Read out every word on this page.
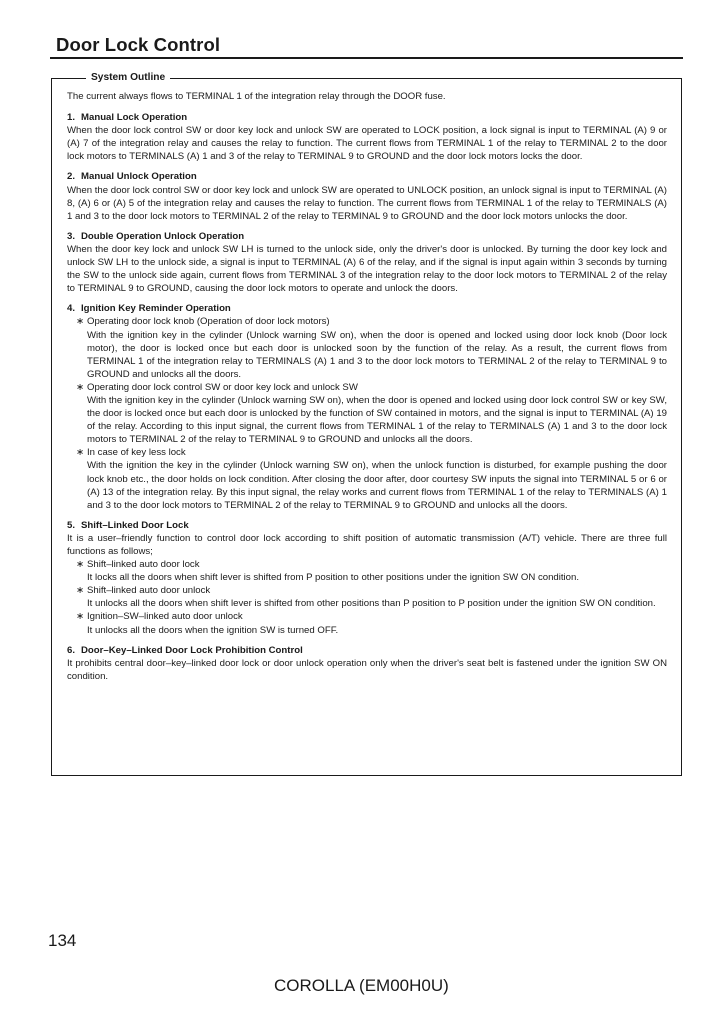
Door Lock Control
System Outline

The current always flows to TERMINAL 1 of the integration relay through the DOOR fuse.

1. Manual Lock Operation

When the door lock control SW or door key lock and unlock SW are operated to LOCK position, a lock signal is input to TERMINAL (A) 9 or (A) 7 of the integration relay and causes the relay to function. The current flows from TERMINAL 1 of the relay to TERMINAL 2 to the door lock motors to TERMINALS (A) 1 and 3 of the relay to TERMINAL 9 to GROUND and the door lock motors locks the door.

2. Manual Unlock Operation

When the door lock control SW or door key lock and unlock SW are operated to UNLOCK position, an unlock signal is input to TERMINAL (A) 8, (A) 6 or (A) 5 of the integration relay and causes the relay to function. The current flows from TERMINAL 1 of the relay to TERMINALS (A) 1 and 3 to the door lock motors to TERMINAL 2 of the relay to TERMINAL 9 to GROUND and the door lock motors unlocks the door.

3. Double Operation Unlock Operation

When the door key lock and unlock SW LH is turned to the unlock side, only the driver's door is unlocked. By turning the door key lock and unlock SW LH to the unlock side, a signal is input to TERMINAL (A) 6 of the relay, and if the signal is input again within 3 seconds by turning the SW to the unlock side again, current flows from TERMINAL 3 of the integration relay to the door lock motors to TERMINAL 2 of the relay to TERMINAL 9 to GROUND, causing the door lock motors to operate and unlock the doors.

4. Ignition Key Reminder Operation

∗ Operating door lock knob (Operation of door lock motors)
With the ignition key in the cylinder (Unlock warning SW on), when the door is opened and locked using door lock knob (Door lock motor), the door is locked once but each door is unlocked soon by the function of the relay. As a result, the current flows from TERMINAL 1 of the integration relay to TERMINALS (A) 1 and 3 to the door lock motors to TERMINAL 2 of the relay to TERMINAL 9 to GROUND and unlocks all the doors.
∗ Operating door lock control SW or door key lock and unlock SW
With the ignition key in the cylinder (Unlock warning SW on), when the door is opened and locked using door lock control SW or key SW, the door is locked once but each door is unlocked by the function of SW contained in motors, and the signal is input to TERMINAL (A) 19 of the relay. According to this input signal, the current flows from TERMINAL 1 of the relay to TERMINALS (A) 1 and 3 to the door lock motors to TERMINAL 2 of the relay to TERMINAL 9 to GROUND and unlocks all the doors.
∗ In case of key less lock
With the ignition the key in the cylinder (Unlock warning SW on), when the unlock function is disturbed, for example pushing the door lock knob etc., the door holds on lock condition. After closing the door after, door courtesy SW inputs the signal into TERMINAL 5 or 6 or (A) 13 of the integration relay. By this input signal, the relay works and current flows from TERMINAL 1 of the relay to TERMINALS (A) 1 and 3 to the door lock motors to TERMINAL 2 of the relay to TERMINAL 9 to GROUND and unlocks all the doors.

5. Shift–Linked Door Lock

It is a user–friendly function to control door lock according to shift position of automatic transmission (A/T) vehicle. There are three full functions as follows;

∗ Shift–linked auto door lock
It locks all the doors when shift lever is shifted from P position to other positions under the ignition SW ON condition.
∗ Shift–linked auto door unlock
It unlocks all the doors when shift lever is shifted from other positions than P position to P position under the ignition SW ON condition.
∗ Ignition–SW–linked auto door unlock
It unlocks all the doors when the ignition SW is turned OFF.

6. Door–Key–Linked Door Lock Prohibition Control

It prohibits central door–key–linked door lock or door unlock operation only when the driver's seat belt is fastened under the ignition SW ON condition.

134
COROLLA (EM00H0U)
